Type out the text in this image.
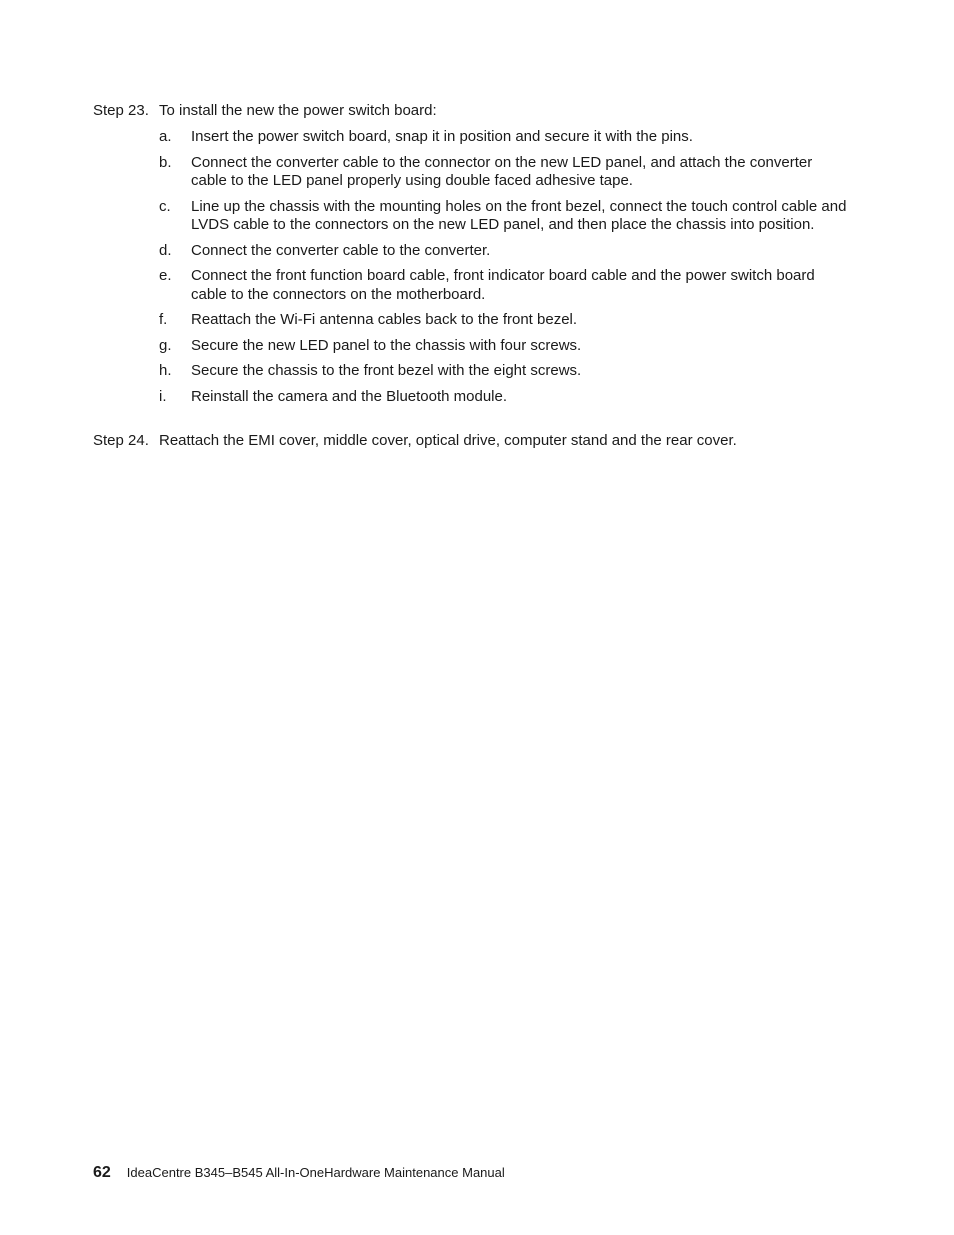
Step 23. To install the new the power switch board:
a. Insert the power switch board, snap it in position and secure it with the pins.
b. Connect the converter cable to the connector on the new LED panel, and attach the converter cable to the LED panel properly using double faced adhesive tape.
c. Line up the chassis with the mounting holes on the front bezel, connect the touch control cable and LVDS cable to the connectors on the new LED panel, and then place the chassis into position.
d. Connect the converter cable to the converter.
e. Connect the front function board cable, front indicator board cable and the power switch board cable to the connectors on the motherboard.
f. Reattach the Wi-Fi antenna cables back to the front bezel.
g. Secure the new LED panel to the chassis with four screws.
h. Secure the chassis to the front bezel with the eight screws.
i. Reinstall the camera and the Bluetooth module.
Step 24. Reattach the EMI cover, middle cover, optical drive, computer stand and the rear cover.
62 IdeaCentre B345–B545 All-In-OneHardware Maintenance Manual
